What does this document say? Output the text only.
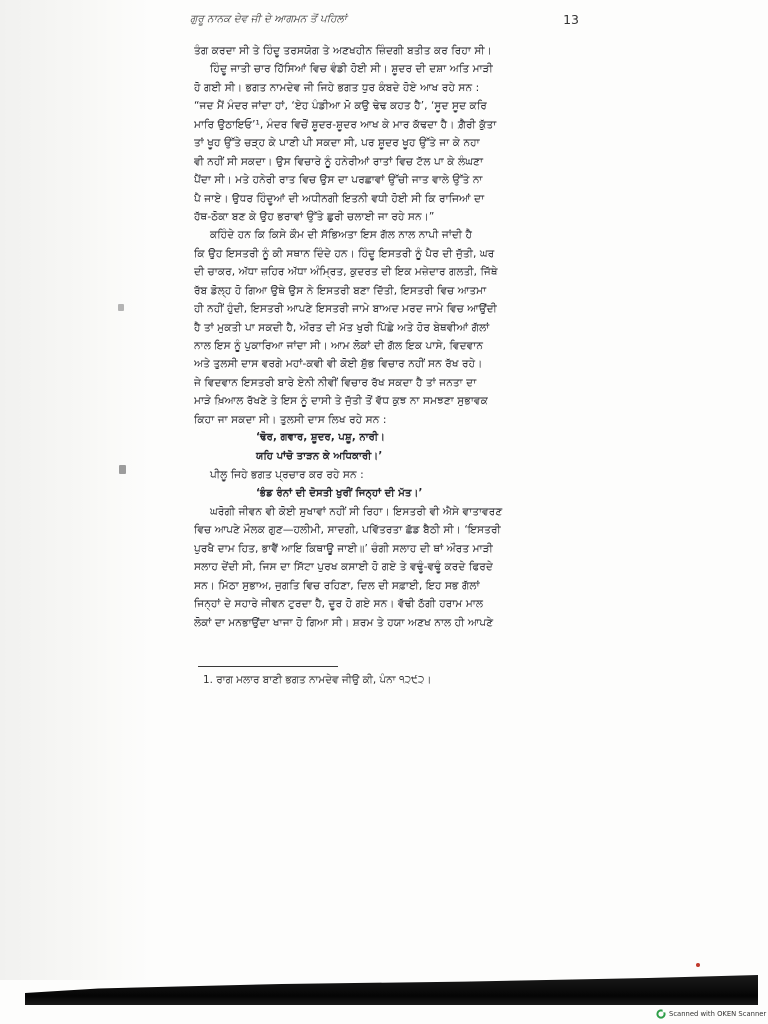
ਗੁਰੂ ਨਾਨਕ ਦੇਵ ਜੀ ਦੇ ਆਗਮਨ ਤੋਂ ਪਹਿਲਾਂ	13
ਤੰਗ ਕਰਦਾ ਸੀ ਤੇ ਹਿੰਦੂ ਤਰਸਯੋਗ ਤੇ ਅਣਖਹੀਨ ਜ਼ਿੰਦਗੀ ਬਤੀਤ ਕਰ ਰਿਹਾ ਸੀ।
ਹਿੰਦੂ ਜਾਤੀ ਚਾਰ ਹਿੱਸਿਆਂ ਵਿਚ ਵੰਡੀ ਹੋਈ ਸੀ। ਸ਼ੂਦਰ ਦੀ ਦਸ਼ਾ ਅਤਿ ਮਾੜੀ
ਹੋ ਗਈ ਸੀ। ਭਗਤ ਨਾਮਦੇਵ ਜੀ ਜਿਹੇ ਭਗਤ ਧੁਰ ਕੰਬਦੇ ਹੋਏ ਆਖ ਰਹੇ ਸਨ :
“ਜਦ ਮੈਂ ਮੰਦਰ ਜਾਂਦਾ ਹਾਂ, ‘ਏਹ ਪੰਡੀਆ ਮੋ ਕਉ ਢੇਢ ਕਹਤ ਹੈ’, ‘ਸੂਦ ਸੂਦ ਕਰਿ
ਮਾਰਿ ਉਠਾਇਓ’¹, ਮੰਦਰ ਵਿਚੋਂ ਸ਼ੂਦਰ-ਸ਼ੂਦਰ ਆਖ ਕੇ ਮਾਰ ਕੱਢਦਾ ਹੈ। ਗ਼ੈਰੀ ਕੁੱਤਾ
ਤਾਂ ਖੂਹ ਉੱਤੇ ਚੜ੍ਹ ਕੇ ਪਾਣੀ ਪੀ ਸਕਦਾ ਸੀ, ਪਰ ਸ਼ੂਦਰ ਖੂਹ ਉੱਤੇ ਜਾ ਕੇ ਨਹਾ
ਵੀ ਨਹੀਂ ਸੀ ਸਕਦਾ। ਉਸ ਵਿਚਾਰੇ ਨੂੰ ਹਨੇਰੀਆਂ ਰਾਤਾਂ ਵਿਚ ਟੱਲ ਪਾ ਕੇ ਲੰਘਣਾ
ਪੈਂਦਾ ਸੀ। ਮਤੇ ਹਨੇਰੀ ਰਾਤ ਵਿਚ ਉਸ ਦਾ ਪਰਛਾਵਾਂ ਉੱਚੀ ਜਾਤ ਵਾਲੇ ਉੱਤੇ ਨਾ
ਪੈ ਜਾਏ। ਉਧਰ ਹਿੰਦੂਆਂ ਦੀ ਅਧੀਨਗੀ ਇਤਨੀ ਵਧੀ ਹੋਈ ਸੀ ਕਿ ਰਾਜਿਆਂ ਦਾ
ਹੱਥ-ਠੋਕਾ ਬਣ ਕੇ ਉਹ ਭਰਾਵਾਂ ਉੱਤੇ ਛੁਰੀ ਚਲਾਈ ਜਾ ਰਹੇ ਸਨ।”
ਕਹਿੰਦੇ ਹਨ ਕਿ ਕਿਸੇ ਕੌਮ ਦੀ ਸੱਭਿਅਤਾ ਇਸ ਗੱਲ ਨਾਲ ਨਾਪੀ ਜਾਂਦੀ ਹੈ
ਕਿ ਉਹ ਇਸਤਰੀ ਨੂੰ ਕੀ ਸਥਾਨ ਦਿੰਦੇ ਹਨ। ਹਿੰਦੂ ਇਸਤਰੀ ਨੂੰ ਪੈਰ ਦੀ ਜੁੱਤੀ, ਘਰ
ਦੀ ਚਾਕਰ, ਅੱਧਾ ਜ਼ਹਿਰ ਅੱਧਾ ਅੰਮ੍ਰਿਤ, ਕੁਦਰਤ ਦੀ ਇਕ ਮਜ਼ੇਦਾਰ ਗਲਤੀ, ਜਿੱਥੇ
ਰੱਬ ਡੋਲ੍ਹ ਹੋ ਗਿਆ ਉਥੇ ਉਸ ਨੇ ਇਸਤਰੀ ਬਣਾ ਦਿੱਤੀ, ਇਸਤਰੀ ਵਿਚ ਆਤਮਾ
ਹੀ ਨਹੀਂ ਹੁੰਦੀ, ਇਸਤਰੀ ਆਪਣੇ ਇਸਤਰੀ ਜਾਮੇ ਬਾਅਦ ਮਰਦ ਜਾਮੇ ਵਿਚ ਆਉਂਦੀ
ਹੈ ਤਾਂ ਮੁਕਤੀ ਪਾ ਸਕਦੀ ਹੈ, ਔਰਤ ਦੀ ਮੱਤ ਖੁਰੀ ਪਿੱਛੇ ਅਤੇ ਹੋਰ ਬੇਥਵੀਆਂ ਗੱਲਾਂ
ਨਾਲ ਇਸ ਨੂੰ ਪੁਕਾਰਿਆ ਜਾਂਦਾ ਸੀ। ਆਮ ਲੋਕਾਂ ਦੀ ਗੱਲ ਇਕ ਪਾਸੇ, ਵਿਦਵਾਨ
ਅਤੇ ਤੁਲਸੀ ਦਾਸ ਵਰਗੇ ਮਹਾਂ-ਕਵੀ ਵੀ ਕੋਈ ਸ਼ੁੱਭ ਵਿਚਾਰ ਨਹੀਂ ਸਨ ਰੱਖ ਰਹੇ।
ਜੇ ਵਿਦਵਾਨ ਇਸਤਰੀ ਬਾਰੇ ਏਨੀ ਨੀਵੀਂ ਵਿਚਾਰ ਰੱਖ ਸਕਦਾ ਹੈ ਤਾਂ ਜਨਤਾ ਦਾ
ਮਾੜੇ ਖ਼ਿਆਲ ਰੱਖਣੇ ਤੇ ਇਸ ਨੂੰ ਦਾਸੀ ਤੇ ਜੁੱਤੀ ਤੋਂ ਵੱਧ ਕੁਝ ਨਾ ਸਮਝਣਾ ਸੁਭਾਵਕ
ਕਿਹਾ ਜਾ ਸਕਦਾ ਸੀ। ਤੁਲਸੀ ਦਾਸ ਲਿਖ ਰਹੇ ਸਨ :
‘ਢੋਰ, ਗਵਾਰ, ਸ਼ੂਦਰ, ਪਸ਼ੂ, ਨਾਰੀ।
ਯਹਿ ਪਾਂਚੋ ਤਾੜਨ ਕੇ ਅਧਿਕਾਰੀ।’
ਪੀਲੂ ਜਿਹੇ ਭਗਤ ਪ੍ਰਚਾਰ ਕਰ ਰਹੇ ਸਨ :
‘ਭੰਡ ਰੰਨਾਂ ਦੀ ਦੋਸਤੀ ਖੁਰੀਂ ਜਿਨ੍ਹਾਂ ਦੀ ਮੱਤ।’
ਘਰੋਗੀ ਜੀਵਨ ਵੀ ਕੋਈ ਸੁਖਾਵਾਂ ਨਹੀਂ ਸੀ ਰਿਹਾ। ਇਸਤਰੀ ਵੀ ਐਸੇ ਵਾਤਾਵਰਣ
ਵਿਚ ਆਪਣੇ ਮੌਲਕ ਗੁਣ—ਹਲੀਮੀ, ਸਾਦਗੀ, ਪਵਿੱਤਰਤਾ ਛੱਡ ਬੈਠੀ ਸੀ। ‘ਇਸਤਰੀ
ਪੁਰਖੈ ਦਾਮ ਹਿਤ, ਭਾਵੈਂ ਆਇ ਕਿਥਾਊ ਜਾਈ॥’ ਚੰਗੀ ਸਲਾਹ ਦੀ ਥਾਂ ਔਰਤ ਮਾੜੀ
ਸਲਾਹ ਦੇਂਦੀ ਸੀ, ਜਿਸ ਦਾ ਸਿੱਟਾ ਪੁਰਖ ਕਸਾਈ ਹੋ ਗਏ ਤੇ ਵਢੂੰ-ਵਢੂੰ ਕਰਦੇ ਫਿਰਦੇ
ਸਨ। ਮਿੱਠਾ ਸੁਭਾਅ, ਜੁਗਤਿ ਵਿਚ ਰਹਿਣਾ, ਦਿਲ ਦੀ ਸਫ਼ਾਈ, ਇਹ ਸਭ ਗੱਲਾਂ
ਜਿਨ੍ਹਾਂ ਦੇ ਸਹਾਰੇ ਜੀਵਨ ਟੁਰਦਾ ਹੈ, ਦੂਰ ਹੋ ਗਏ ਸਨ। ਵੱਢੀ ਠੱਗੀ ਹਰਾਮ ਮਾਲ
ਲੋਕਾਂ ਦਾ ਮਨਭਾਉਂਦਾ ਖਾਜਾ ਹੋ ਗਿਆ ਸੀ। ਸ਼ਰਮ ਤੇ ਹਯਾ ਅਣਖ ਨਾਲ ਹੀ ਆਪਣੇ
1. ਰਾਗ ਮਲਾਰ ਬਾਣੀ ਭਗਤ ਨਾਮਦੇਵ ਜੀਉ ਕੀ, ਪੰਨਾ ੧੨੯੨।
Scanned with OKEN Scanner
